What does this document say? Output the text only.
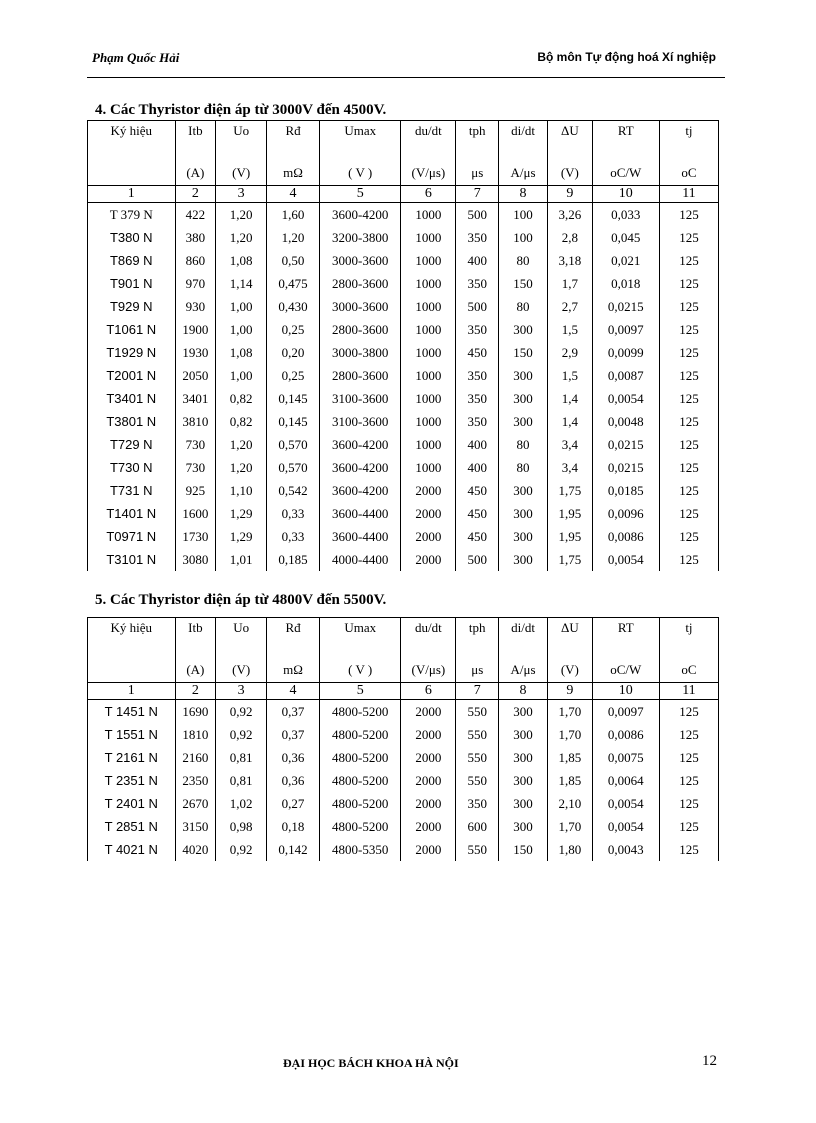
Phạm Quốc Hải	Bộ môn Tự động hoá Xí nghiệp
4. Các Thyristor điện áp từ 3000V đến 4500V.
Ký hiệu	Itb	Uo	Rđ	Umax	du/dt	tph	di/dt	ΔU	RT	tj
	(A)	(V)	mΩ	( V )	(V/μs)	μs	A/μs	(V)	oC/W	oC
1	2	3	4	5	6	7	8	9	10	11
T 379 N	422	1,20	1,60	3600-4200	1000	500	100	3,26	0,033	125
T380 N	380	1,20	1,20	3200-3800	1000	350	100	2,8	0,045	125
T869 N	860	1,08	0,50	3000-3600	1000	400	80	3,18	0,021	125
T901 N	970	1,14	0,475	2800-3600	1000	350	150	1,7	0,018	125
T929 N	930	1,00	0,430	3000-3600	1000	500	80	2,7	0,0215	125
T1061 N	1900	1,00	0,25	2800-3600	1000	350	300	1,5	0,0097	125
T1929 N	1930	1,08	0,20	3000-3800	1000	450	150	2,9	0,0099	125
T2001 N	2050	1,00	0,25	2800-3600	1000	350	300	1,5	0,0087	125
T3401 N	3401	0,82	0,145	3100-3600	1000	350	300	1,4	0,0054	125
T3801 N	3810	0,82	0,145	3100-3600	1000	350	300	1,4	0,0048	125
T729 N	730	1,20	0,570	3600-4200	1000	400	80	3,4	0,0215	125
T730 N	730	1,20	0,570	3600-4200	1000	400	80	3,4	0,0215	125
T731 N	925	1,10	0,542	3600-4200	2000	450	300	1,75	0,0185	125
T1401 N	1600	1,29	0,33	3600-4400	2000	450	300	1,95	0,0096	125
T0971 N	1730	1,29	0,33	3600-4400	2000	450	300	1,95	0,0086	125
T3101 N	3080	1,01	0,185	4000-4400	2000	500	300	1,75	0,0054	125
5. Các Thyristor điện áp từ 4800V đến 5500V.
Ký hiệu	Itb	Uo	Rđ	Umax	du/dt	tph	di/dt	ΔU	RT	tj
	(A)	(V)	mΩ	( V )	(V/μs)	μs	A/μs	(V)	oC/W	oC
1	2	3	4	5	6	7	8	9	10	11
T 1451 N	1690	0,92	0,37	4800-5200	2000	550	300	1,70	0,0097	125
T 1551 N	1810	0,92	0,37	4800-5200	2000	550	300	1,70	0,0086	125
T 2161 N	2160	0,81	0,36	4800-5200	2000	550	300	1,85	0,0075	125
T 2351 N	2350	0,81	0,36	4800-5200	2000	550	300	1,85	0,0064	125
T 2401 N	2670	1,02	0,27	4800-5200	2000	350	300	2,10	0,0054	125
T 2851 N	3150	0,98	0,18	4800-5200	2000	600	300	1,70	0,0054	125
T 4021 N	4020	0,92	0,142	4800-5350	2000	550	150	1,80	0,0043	125
ĐẠI HỌC BÁCH KHOA HÀ NỘI	12
